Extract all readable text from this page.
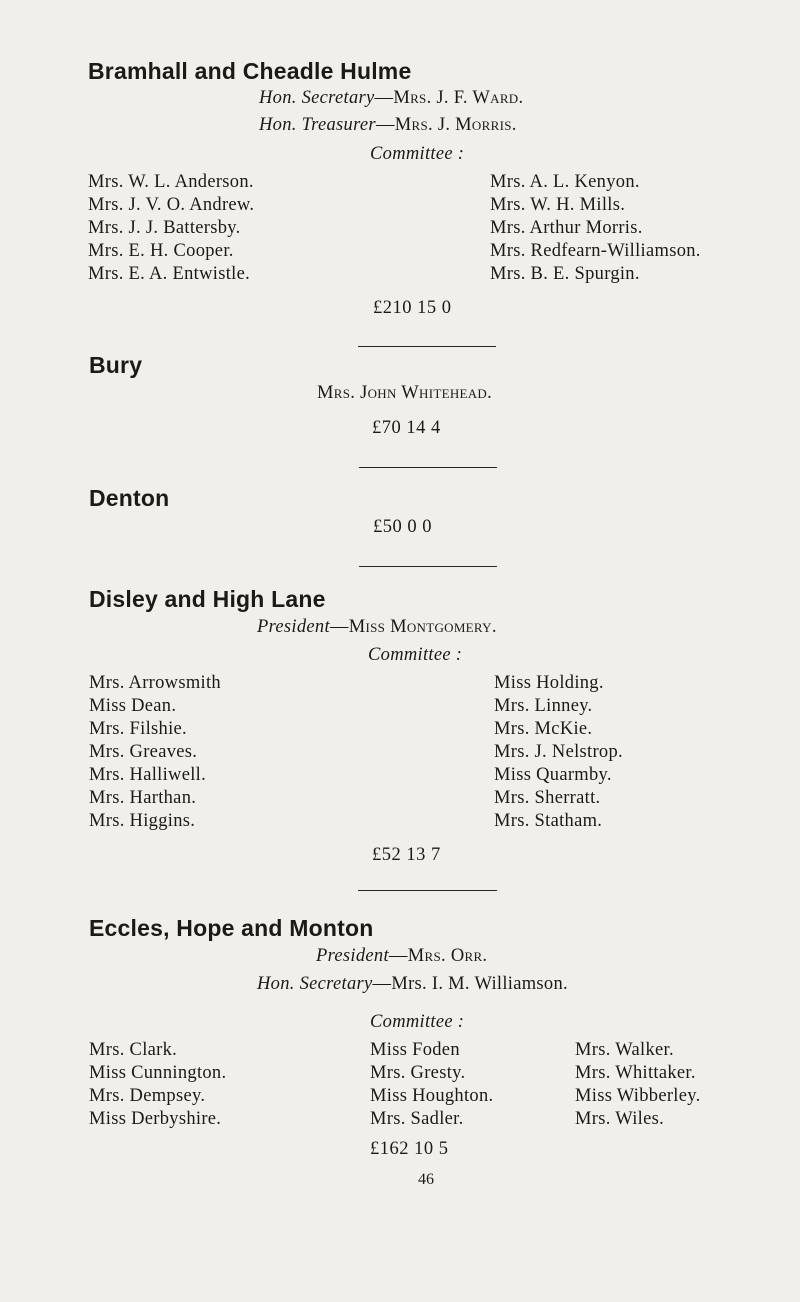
Bramhall and Cheadle Hulme
Hon. Secretary—Mrs. J. F. Ward.
Hon. Treasurer—Mrs. J. Morris.
Committee :
Mrs. W. L. Anderson.
Mrs. J. V. O. Andrew.
Mrs. J. J. Battersby.
Mrs. E. H. Cooper.
Mrs. E. A. Entwistle.
Mrs. A. L. Kenyon.
Mrs. W. H. Mills.
Mrs. Arthur Morris.
Mrs. Redfearn-Williamson.
Mrs. B. E. Spurgin.
£210 15 0
Bury
Mrs. John Whitehead.
£70 14 4
Denton
£50 0 0
Disley and High Lane
President—Miss Montgomery.
Committee :
Mrs. Arrowsmith
Miss Dean.
Mrs. Filshie.
Mrs. Greaves.
Mrs. Halliwell.
Mrs. Harthan.
Mrs. Higgins.
Miss Holding.
Mrs. Linney.
Mrs. McKie.
Mrs. J. Nelstrop.
Miss Quarmby.
Mrs. Sherratt.
Mrs. Statham.
£52 13 7
Eccles, Hope and Monton
President—Mrs. Orr.
Hon. Secretary—Mrs. I. M. Williamson.
Committee :
Mrs. Clark.
Miss Cunnington.
Mrs. Dempsey.
Miss Derbyshire.
Miss Foden
Mrs. Gresty.
Miss Houghton.
Mrs. Sadler.
Mrs. Walker.
Mrs. Whittaker.
Miss Wibberley.
Mrs. Wiles.
£162 10 5
46
